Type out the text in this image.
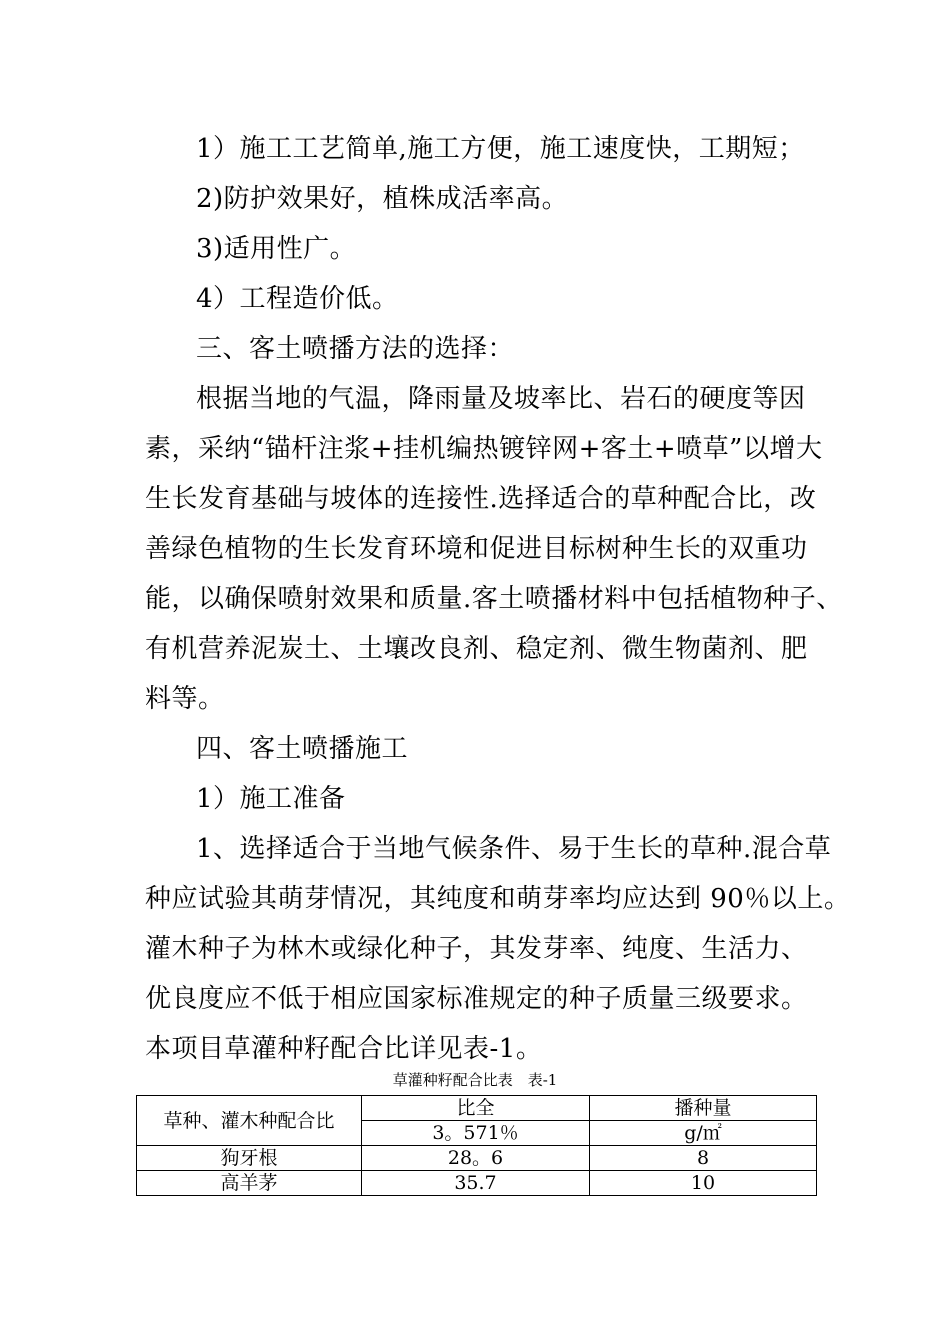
1）施工工艺简单,施工方便，施工速度快，工期短；
2)防护效果好，植株成活率高。
3)适用性广。
4）工程造价低。
三、客土喷播方法的选择：
根据当地的气温，降雨量及坡率比、岩石的硬度等因
素，采纳“锚杆注浆+挂机编热镀锌网+客土+喷草”以增大
生长发育基础与坡体的连接性.选择适合的草种配合比，改
善绿色植物的生长发育环境和促进目标树种生长的双重功
能，以确保喷射效果和质量.客土喷播材料中包括植物种子、
有机营养泥炭土、土壤改良剂、稳定剂、微生物菌剂、肥
料等。
四、客土喷播施工
1）施工准备
1、选择适合于当地气候条件、易于生长的草种.混合草
种应试验其萌芽情况，其纯度和萌芽率均应达到 90％以上。
灌木种子为林木或绿化种子，其发芽率、纯度、生活力、
优良度应不低于相应国家标准规定的种子质量三级要求。
本项目草灌种籽配合比详见表-1。
草灌种籽配合比表　表-1
草种、灌木种配合比	比全	播种量
	3。571％	g/㎡
狗牙根	28。6	8
高羊茅	35.7	10
